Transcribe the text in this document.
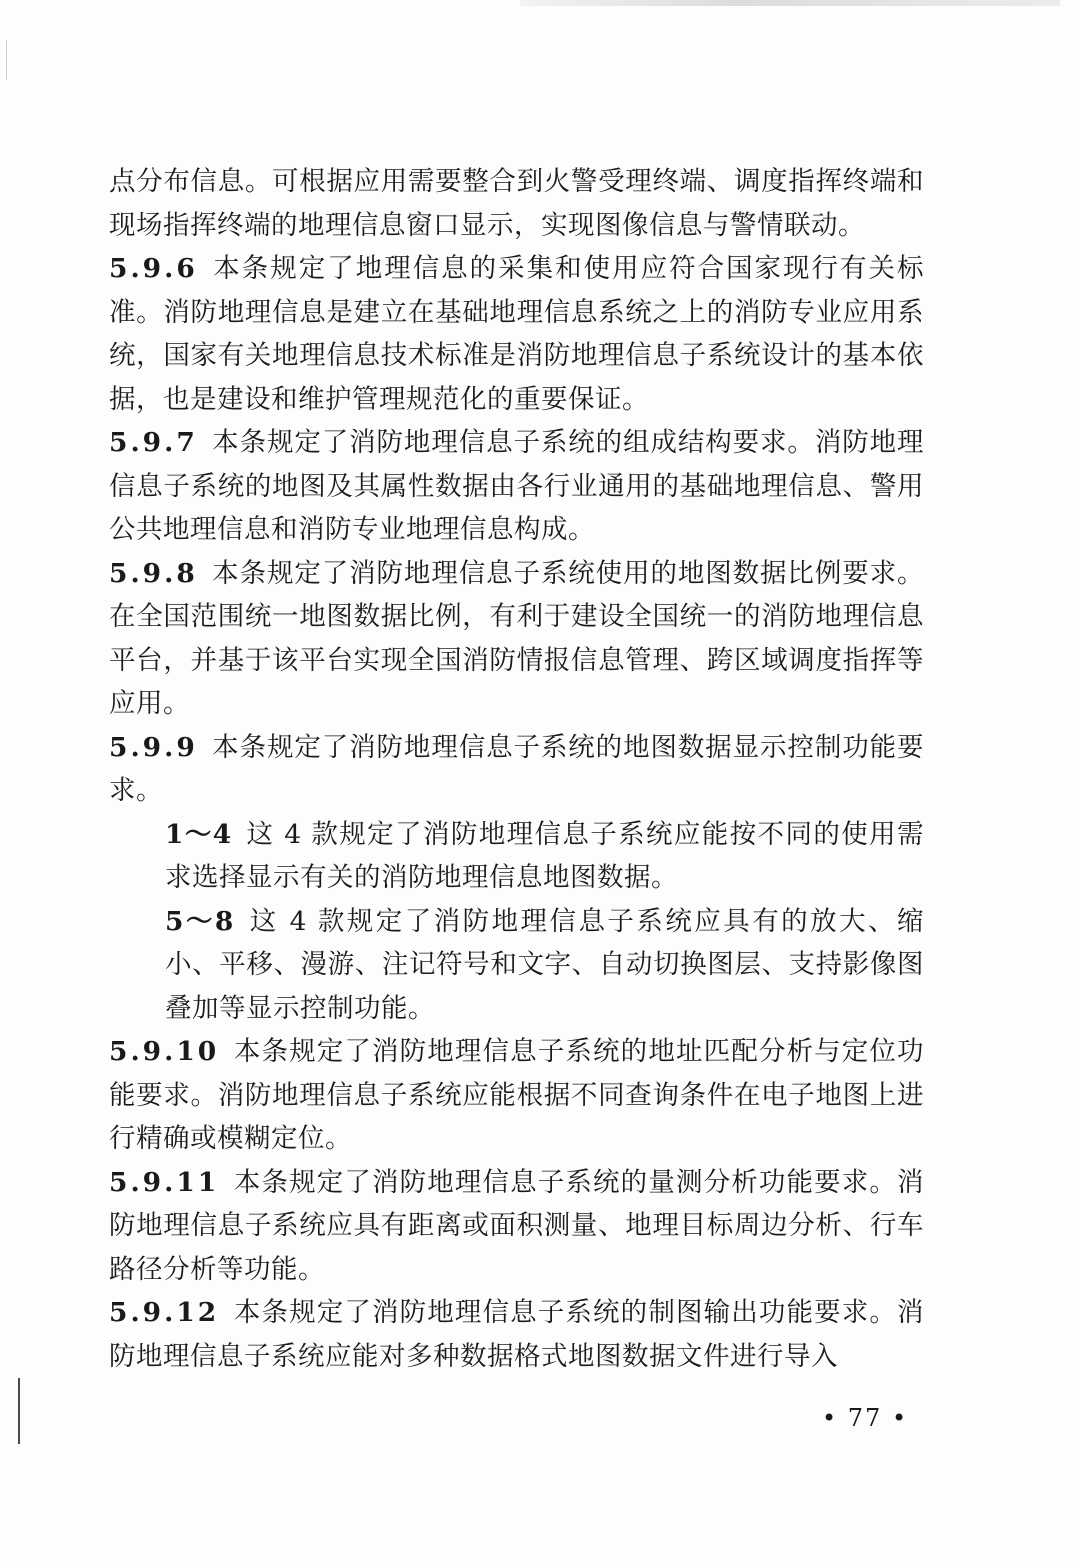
点分布信息。可根据应用需要整合到火警受理终端、调度指挥终端和现场指挥终端的地理信息窗口显示，实现图像信息与警情联动。

5.9.6 本条规定了地理信息的采集和使用应符合国家现行有关标准。消防地理信息是建立在基础地理信息系统之上的消防专业应用系统，国家有关地理信息技术标准是消防地理信息子系统设计的基本依据，也是建设和维护管理规范化的重要保证。

5.9.7 本条规定了消防地理信息子系统的组成结构要求。消防地理信息子系统的地图及其属性数据由各行业通用的基础地理信息、警用公共地理信息和消防专业地理信息构成。

5.9.8 本条规定了消防地理信息子系统使用的地图数据比例要求。在全国范围统一地图数据比例，有利于建设全国统一的消防地理信息平台，并基于该平台实现全国消防情报信息管理、跨区域调度指挥等应用。

5.9.9 本条规定了消防地理信息子系统的地图数据显示控制功能要求。

1～4 这 4 款规定了消防地理信息子系统应能按不同的使用需求选择显示有关的消防地理信息地图数据。

5～8 这 4 款规定了消防地理信息子系统应具有的放大、缩小、平移、漫游、注记符号和文字、自动切换图层、支持影像图叠加等显示控制功能。

5.9.10 本条规定了消防地理信息子系统的地址匹配分析与定位功能要求。消防地理信息子系统应能根据不同查询条件在电子地图上进行精确或模糊定位。

5.9.11 本条规定了消防地理信息子系统的量测分析功能要求。消防地理信息子系统应具有距离或面积测量、地理目标周边分析、行车路径分析等功能。

5.9.12 本条规定了消防地理信息子系统的制图输出功能要求。消防地理信息子系统应能对多种数据格式地图数据文件进行导入

• 77 •
